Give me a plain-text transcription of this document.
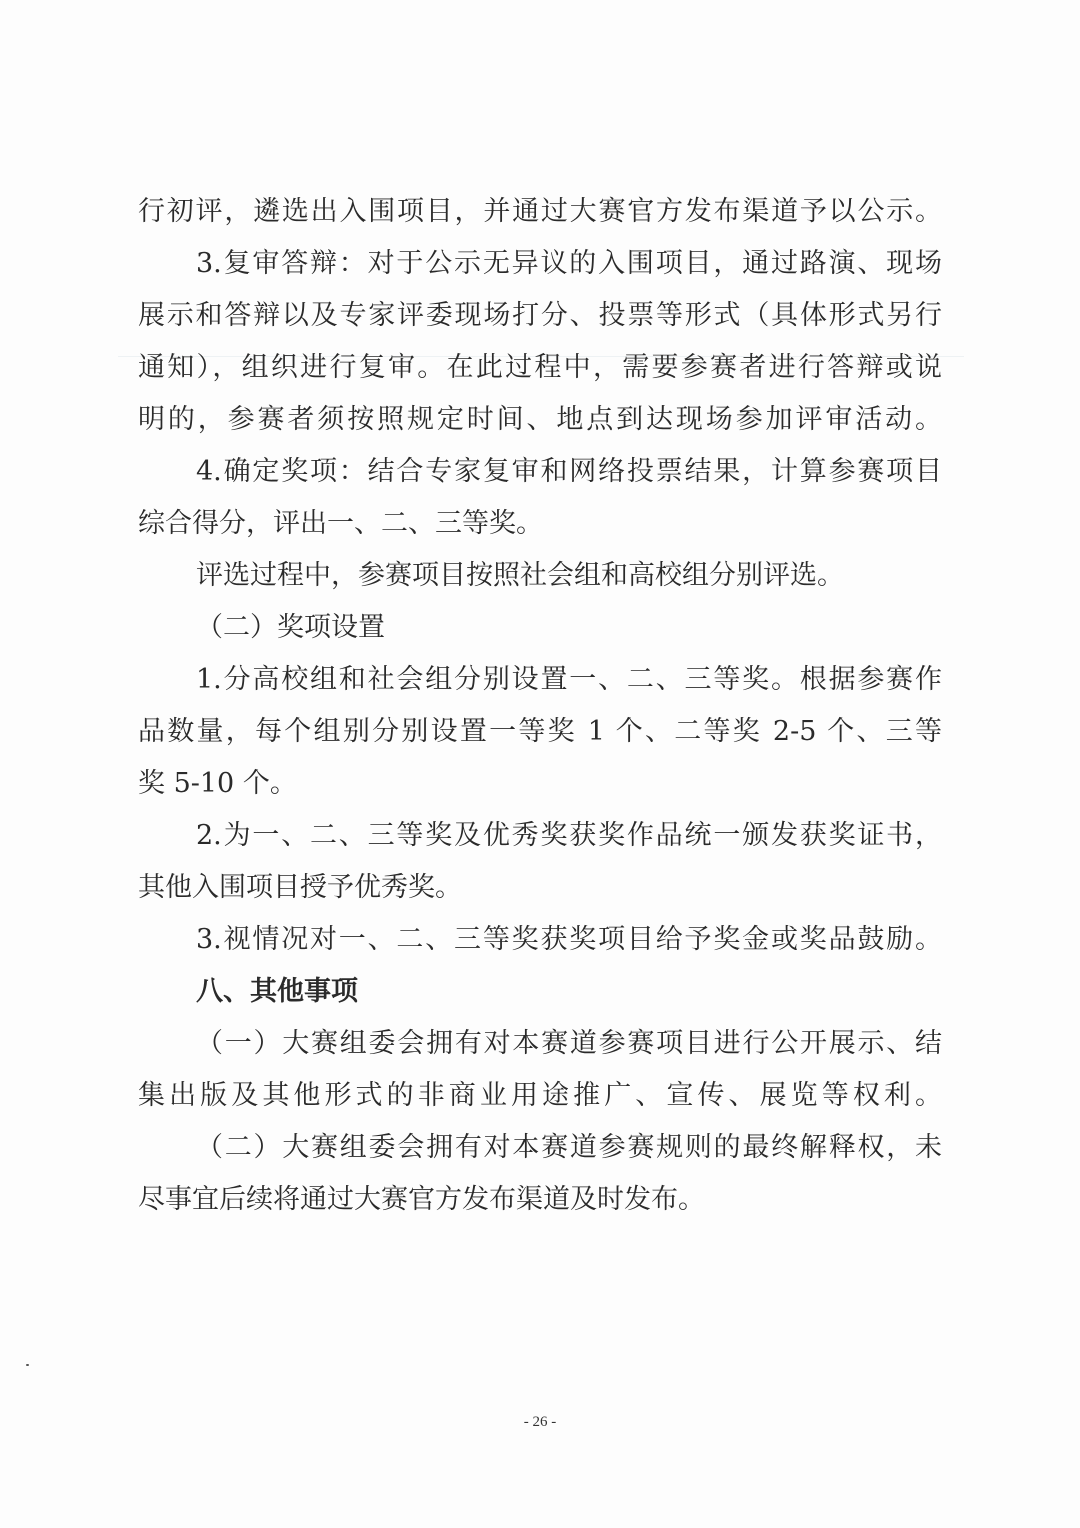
行初评，遴选出入围项目，并通过大赛官方发布渠道予以公示。
3.复审答辩：对于公示无异议的入围项目，通过路演、现场
展示和答辩以及专家评委现场打分、投票等形式（具体形式另行
通知），组织进行复审。在此过程中，需要参赛者进行答辩或说
明的，参赛者须按照规定时间、地点到达现场参加评审活动。
4.确定奖项：结合专家复审和网络投票结果，计算参赛项目
综合得分，评出一、二、三等奖。
评选过程中，参赛项目按照社会组和高校组分别评选。
（二）奖项设置
1.分高校组和社会组分别设置一、二、三等奖。根据参赛作
品数量，每个组别分别设置一等奖 1 个、二等奖 2-5 个、三等
奖 5-10 个。
2.为一、二、三等奖及优秀奖获奖作品统一颁发获奖证书，
其他入围项目授予优秀奖。
3.视情况对一、二、三等奖获奖项目给予奖金或奖品鼓励。
八、其他事项
（一）大赛组委会拥有对本赛道参赛项目进行公开展示、结
集出版及其他形式的非商业用途推广、宣传、展览等权利。
（二）大赛组委会拥有对本赛道参赛规则的最终解释权，未
尽事宜后续将通过大赛官方发布渠道及时发布。
- 26 -
